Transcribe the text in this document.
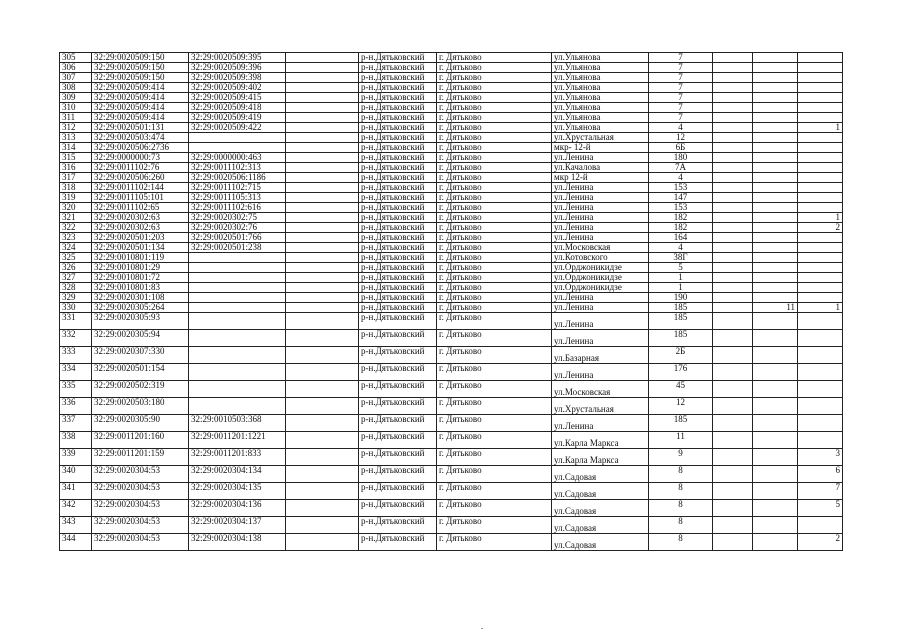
305	32:29:0020509:150	32:29:0020509:395		р-н.Дятьковский	г. Дятьково	ул.Ульянова	7			
306	32:29:0020509:150	32:29:0020509:396		р-н.Дятьковский	г. Дятьково	ул.Ульянова	7			
307	32:29:0020509:150	32:29:0020509:398		р-н.Дятьковский	г. Дятьково	ул.Ульянова	7			
308	32:29:0020509:414	32:29:0020509:402		р-н.Дятьковский	г. Дятьково	ул.Ульянова	7			
309	32:29:0020509:414	32:29:0020509:415		р-н.Дятьковский	г. Дятьково	ул.Ульянова	7			
310	32:29:0020509:414	32:29:0020509:418		р-н.Дятьковский	г. Дятьково	ул.Ульянова	7			
311	32:29:0020509:414	32:29:0020509:419		р-н.Дятьковский	г. Дятьково	ул.Ульянова	7			
312	32:29:0020501:131	32:29:0020509:422		р-н.Дятьковский	г. Дятьково	ул.Ульянова	4			1
313	32:29:0020503:474			р-н.Дятьковский	г. Дятьково	ул.Хрустальная	12			
314	32:29:0020506:2736			р-н.Дятьковский	г. Дятьково	мкр- 12-й	6Б			
315	32:29:0000000:73	32:29:0000000:463		р-н.Дятьковский	г. Дятьково	ул.Ленина	180			
316	32:29:0011102:76	32:29:0011102:313		р-н.Дятьковский	г. Дятьково	ул.Качалова	7А			
317	32:29:0020506:260	32:29:0020506:1186		р-н.Дятьковский	г. Дятьково	мкр 12-й	4			
318	32:29:0011102:144	32:29:0011102:715		р-н.Дятьковский	г. Дятьково	ул.Ленина	153			
319	32:29:0011105:101	32:29:0011105:313		р-н.Дятьковский	г. Дятьково	ул.Ленина	147			
320	32:29:0011102:65	32:29:0011102:616		р-н.Дятьковский	г. Дятьково	ул.Ленина	153			
321	32:29:0020302:63	32:29:0020302:75		р-н.Дятьковский	г. Дятьково	ул.Ленина	182			1
322	32:29:0020302:63	32:29:0020302:76		р-н.Дятьковский	г. Дятьково	ул.Ленина	182			2
323	32:29:0020501:203	32:29:0020501:766		р-н.Дятьковский	г. Дятьково	ул.Ленина	164			
324	32:29:0020501:134	32:29:0020501:238		р-н.Дятьковский	г. Дятьково	ул.Московская	4			
325	32:29:0010801:119			р-н.Дятьковский	г. Дятьково	ул.Котовского	38Г			
326	32:29:0010801:29			р-н.Дятьковский	г. Дятьково	ул.Орджоникидзе	5			
327	32:29:0010801:72			р-н.Дятьковский	г. Дятьково	ул.Орджоникидзе	1			
328	32:29:0010801:83			р-н.Дятьковский	г. Дятьково	ул.Орджоникидзе	1			
329	32:29:0020301:108			р-н.Дятьковский	г. Дятьково	ул.Ленина	190			
330	32:29:0020305:264			р-н.Дятьковский	г. Дятьково	ул.Ленина	185		11	1
331	32:29:0020305:93			р-н.Дятьковский	г. Дятьково	ул.Ленина	185			
332	32:29:0020305:94			р-н.Дятьковский	г. Дятьково	ул.Ленина	185			
333	32:29:0020307:330			р-н.Дятьковский	г. Дятьково	ул.Базарная	2Б			
334	32:29:0020501:154			р-н.Дятьковский	г. Дятьково	ул.Ленина	176			
335	32:29:0020502:319			р-н.Дятьковский	г. Дятьково	ул.Московская	45			
336	32:29:0020503:180			р-н.Дятьковский	г. Дятьково	ул.Хрустальная	12			
337	32:29:0020305:90	32:29:0010503:368		р-н.Дятьковский	г. Дятьково	ул.Ленина	185			
338	32:29:0011201:160	32:29:0011201:1221		р-н.Дятьковский	г. Дятьково	ул.Карла Маркса	11			
339	32:29:0011201:159	32:29:0011201:833		р-н.Дятьковский	г. Дятьково	ул.Карла Маркса	9			3
340	32:29:0020304:53	32:29:0020304:134		р-н.Дятьковский	г. Дятьково	ул.Садовая	8			6
341	32:29:0020304:53	32:29:0020304:135		р-н.Дятьковский	г. Дятьково	ул.Садовая	8			7
342	32:29:0020304:53	32:29:0020304:136		р-н.Дятьковский	г. Дятьково	ул.Садовая	8			5
343	32:29:0020304:53	32:29:0020304:137		р-н.Дятьковский	г. Дятьково	ул.Садовая	8			
344	32:29:0020304:53	32:29:0020304:138		р-н.Дятьковский	г. Дятьково	ул.Садовая	8			2
